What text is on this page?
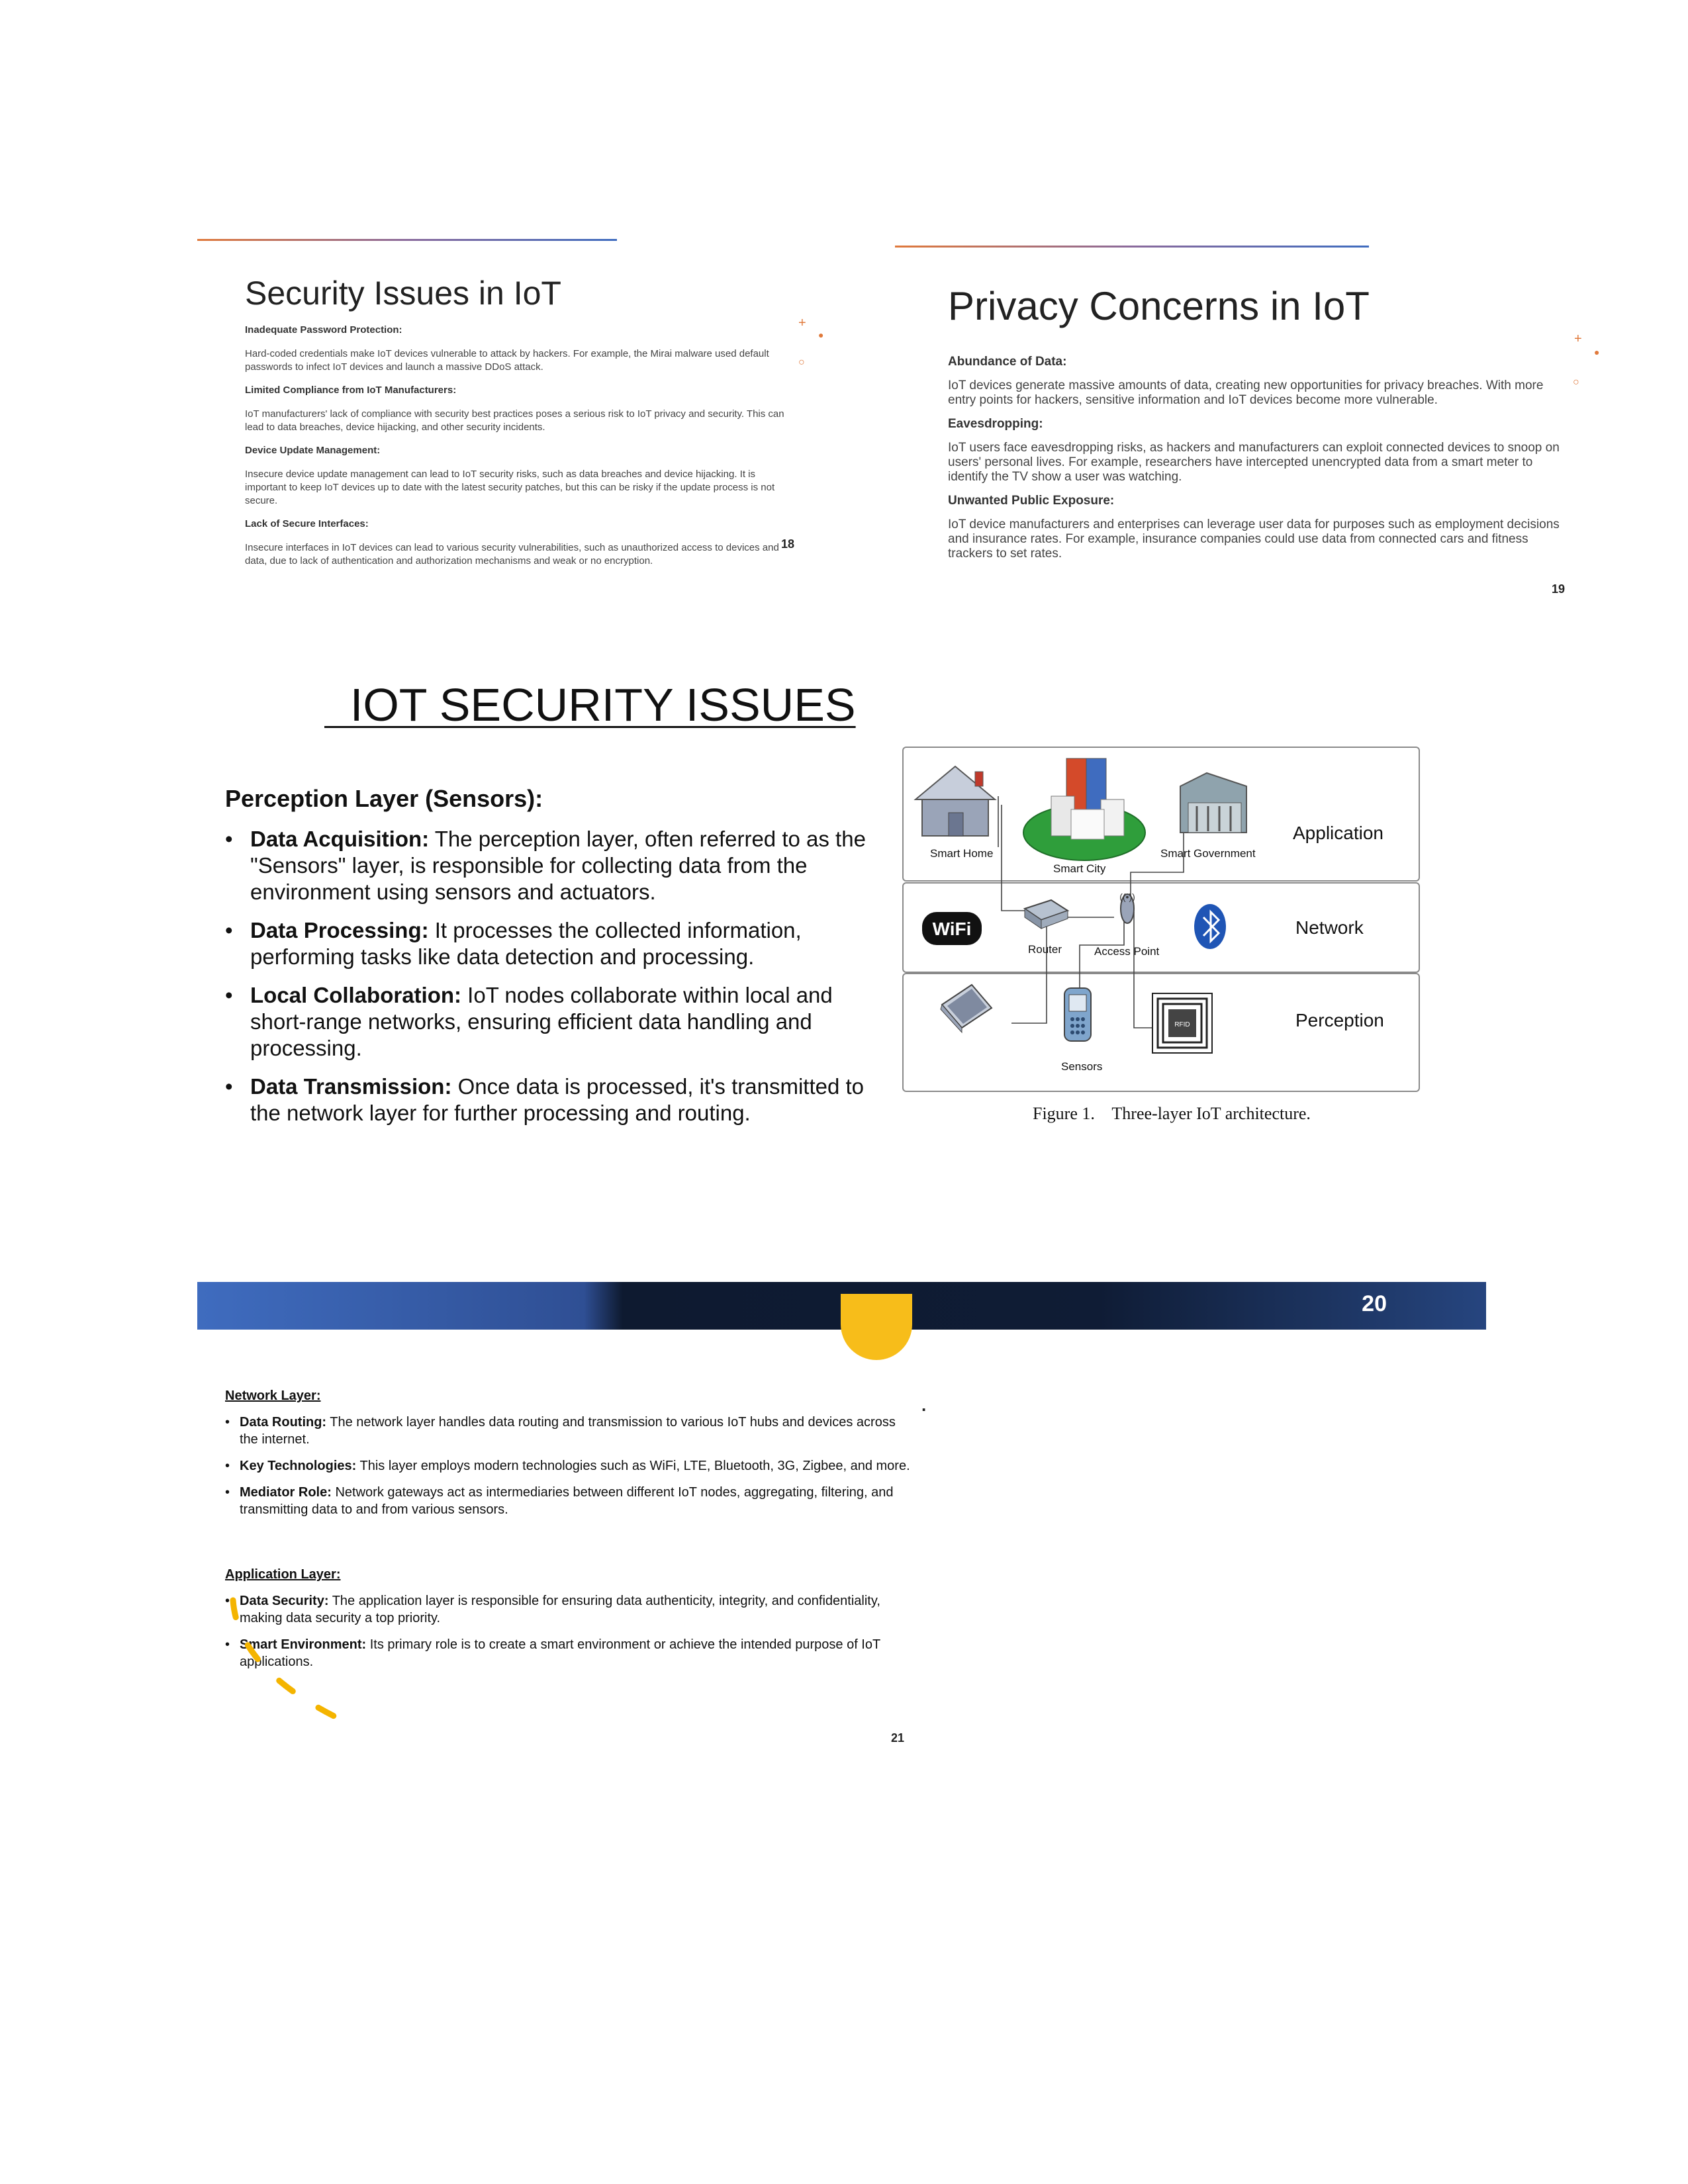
Security Issues in IoT
+
●
○
Inadequate Password Protection:
Hard-coded credentials make IoT devices vulnerable to attack by hackers. For example, the Mirai malware used default passwords to infect IoT devices and launch a massive DDoS attack.
Limited Compliance from IoT Manufacturers:
IoT manufacturers' lack of compliance with security best practices poses a serious risk to IoT privacy and security. This can lead to data breaches, device hijacking, and other security incidents.
Device Update Management:
Insecure device update management can lead to IoT security risks, such as data breaches and device hijacking. It is important to keep IoT devices up to date with the latest security patches, but this can be risky if the update process is not secure.
Lack of Secure Interfaces:
Insecure interfaces in IoT devices can lead to various security vulnerabilities, such as unauthorized access to devices and data, due to lack of authentication and authorization mechanisms and weak or no encryption.
18
Privacy Concerns in IoT
+
●
○
Abundance of Data:
IoT devices generate massive amounts of data, creating new opportunities for privacy breaches. With more entry points for hackers, sensitive information and IoT devices become more vulnerable.
Eavesdropping:
IoT users face eavesdropping risks, as hackers and manufacturers can exploit connected devices to snoop on users' personal lives. For example, researchers have intercepted unencrypted data from a smart meter to identify the TV show a user was watching.
Unwanted Public Exposure:
IoT device manufacturers and enterprises can leverage user data for purposes such as employment decisions and insurance rates. For example, insurance companies could use data from connected cars and fitness trackers to set rates.
19
IOT SECURITY ISSUES
Perception Layer (Sensors):
• Data Acquisition: The perception layer, often referred to as the "Sensors" layer, is responsible for collecting data from the environment using sensors and actuators.
• Data Processing: It processes the collected information, performing tasks like data detection and processing.
• Local Collaboration: IoT nodes collaborate within local and short-range networks, ensuring efficient data handling and processing.
• Data Transmission: Once data is processed, it's transmitted to the network layer for further processing and routing.
Application
Network
Perception
WiFi
((•))
RFID
Smart Home
Smart City
Smart Government
Router	Access Point
Sensors
Figure 1.    Three-layer IoT architecture.
20
Network Layer:
• Data Routing: The network layer handles data routing and transmission to various IoT hubs and devices across the internet.
• Key Technologies: This layer employs modern technologies such as WiFi, LTE, Bluetooth, 3G, Zigbee, and more.
• Mediator Role: Network gateways act as intermediaries between different IoT nodes, aggregating, filtering, and transmitting data to and from various sensors.
.
Application Layer:
• Data Security: The application layer is responsible for ensuring data authenticity, integrity, and confidentiality, making data security a top priority.
• Smart Environment: Its primary role is to create a smart environment or achieve the intended purpose of IoT applications.
21
